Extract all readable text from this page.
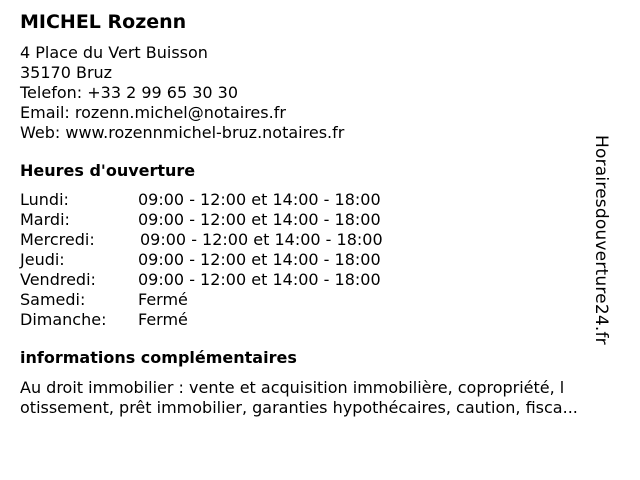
MICHEL Rozenn
4 Place du Vert Buisson
35170 Bruz
Telefon: +33 2 99 65 30 30
Email: rozenn.michel@notaires.fr
Web: www.rozennmichel-bruz.notaires.fr
Heures d'ouverture
Lundi:	09:00 - 12:00 et 14:00 - 18:00
Mardi:	09:00 - 12:00 et 14:00 - 18:00
Mercredi:	09:00 - 12:00 et 14:00 - 18:00
Jeudi:	09:00 - 12:00 et 14:00 - 18:00
Vendredi:	09:00 - 12:00 et 14:00 - 18:00
Samedi:	Fermé
Dimanche:	Fermé
informations complémentaires
Au droit immobilier : vente et acquisition immobilière, copropriété, l
otissement, prêt immobilier, garanties hypothécaires, caution, fisca...
Horairesdouverture24.fr
